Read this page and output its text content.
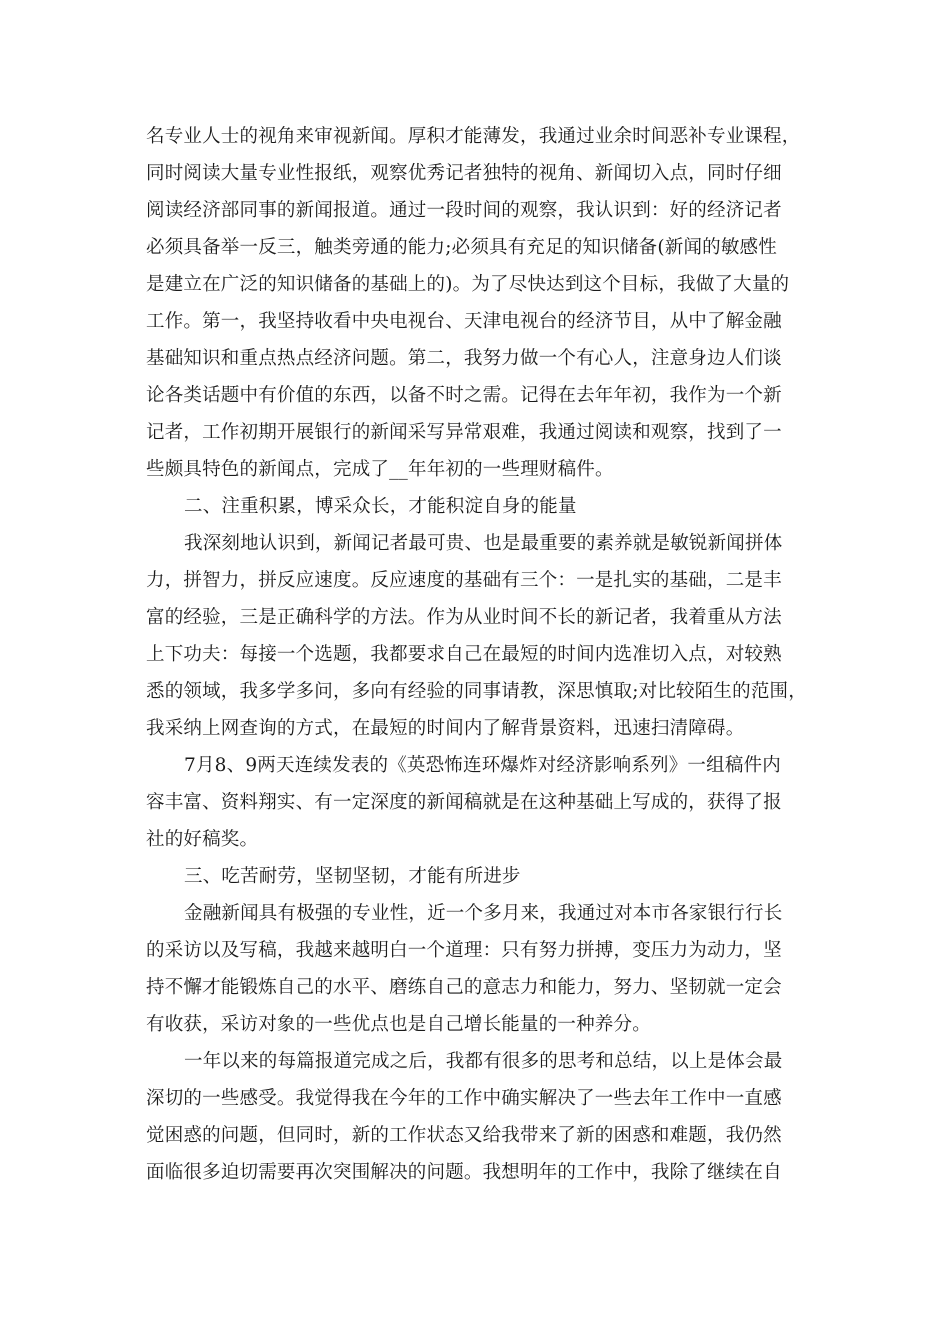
名专业人士的视角来审视新闻。厚积才能薄发，我通过业余时间恶补专业课程，
同时阅读大量专业性报纸，观察优秀记者独特的视角、新闻切入点，同时仔细
阅读经济部同事的新闻报道。通过一段时间的观察，我认识到：好的经济记者
必须具备举一反三，触类旁通的能力;必须具有充足的知识储备(新闻的敏感性
是建立在广泛的知识储备的基础上的)。为了尽快达到这个目标，我做了大量的
工作。第一，我坚持收看中央电视台、天津电视台的经济节目，从中了解金融
基础知识和重点热点经济问题。第二，我努力做一个有心人，注意身边人们谈
论各类话题中有价值的东西，以备不时之需。记得在去年年初，我作为一个新
记者，工作初期开展银行的新闻采写异常艰难，我通过阅读和观察，找到了一
些颇具特色的新闻点，完成了__年年初的一些理财稿件。
二、注重积累，博采众长，才能积淀自身的能量
我深刻地认识到，新闻记者最可贵、也是最重要的素养就是敏锐新闻拼体
力，拼智力，拼反应速度。反应速度的基础有三个：一是扎实的基础，二是丰
富的经验，三是正确科学的方法。作为从业时间不长的新记者，我着重从方法
上下功夫：每接一个选题，我都要求自己在最短的时间内选准切入点，对较熟
悉的领域，我多学多问，多向有经验的同事请教，深思慎取;对比较陌生的范围，
我采纳上网查询的方式，在最短的时间内了解背景资料，迅速扫清障碍。
7月8、9两天连续发表的《英恐怖连环爆炸对经济影响系列》一组稿件内
容丰富、资料翔实、有一定深度的新闻稿就是在这种基础上写成的，获得了报
社的好稿奖。
三、吃苦耐劳，坚韧坚韧，才能有所进步
金融新闻具有极强的专业性，近一个多月来，我通过对本市各家银行行长
的采访以及写稿，我越来越明白一个道理：只有努力拼搏，变压力为动力，坚
持不懈才能锻炼自己的水平、磨练自己的意志力和能力，努力、坚韧就一定会
有收获，采访对象的一些优点也是自己增长能量的一种养分。
一年以来的每篇报道完成之后，我都有很多的思考和总结，以上是体会最
深切的一些感受。我觉得我在今年的工作中确实解决了一些去年工作中一直感
觉困惑的问题，但同时，新的工作状态又给我带来了新的困惑和难题，我仍然
面临很多迫切需要再次突围解决的问题。我想明年的工作中，我除了继续在自
